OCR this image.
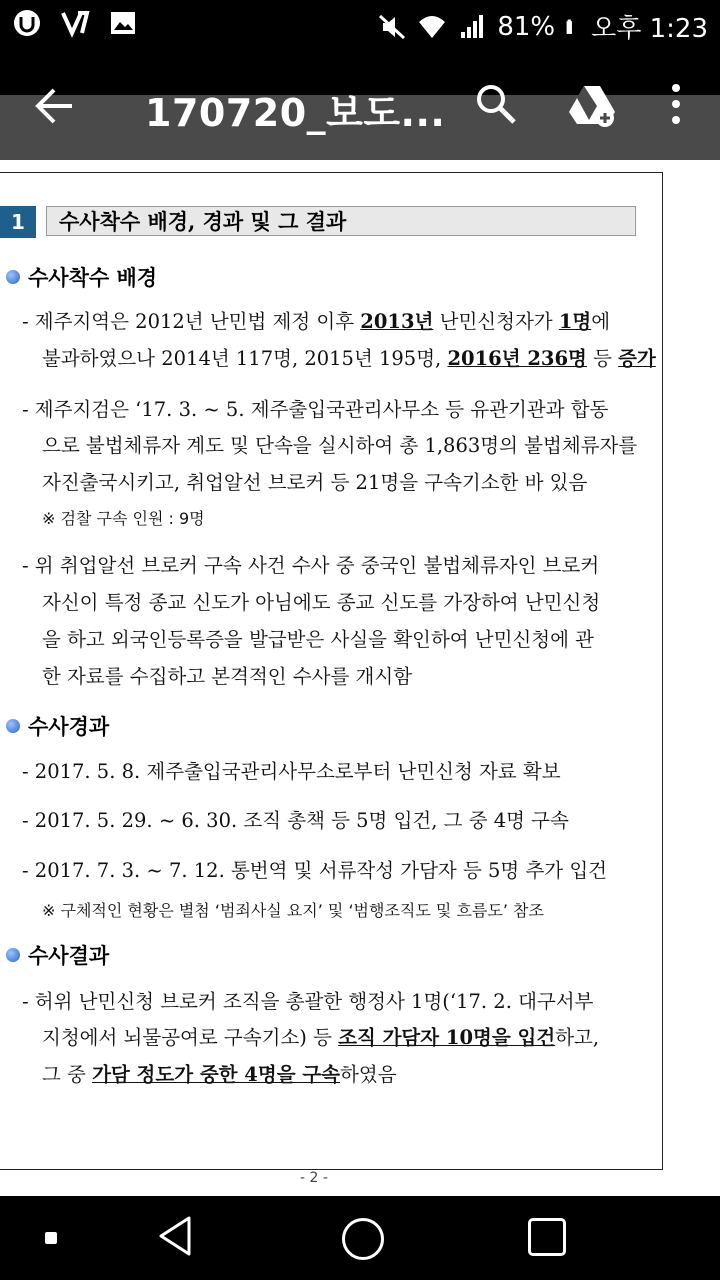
81% 오후 1:23
170720_보도...
1	수사착수 배경, 경과 및 그 결과
수사착수 배경
- 제주지역은 2012년 난민법 제정 이후 2013년 난민신청자가 1명에
불과하였으나 2014년 117명, 2015년 195명, 2016년 236명 등 증가
- 제주지검은 ‘17. 3. ~ 5. 제주출입국관리사무소 등 유관기관과 합동
으로 불법체류자 계도 및 단속을 실시하여 총 1,863명의 불법체류자를
자진출국시키고, 취업알선 브로커 등 21명을 구속기소한 바 있음
※ 검찰 구속 인원 : 9명
- 위 취업알선 브로커 구속 사건 수사 중 중국인 불법체류자인 브로커
자신이 특정 종교 신도가 아님에도 종교 신도를 가장하여 난민신청
을 하고 외국인등록증을 발급받은 사실을 확인하여 난민신청에 관
한 자료를 수집하고 본격적인 수사를 개시함
수사경과
- 2017. 5. 8. 제주출입국관리사무소로부터 난민신청 자료 확보
- 2017. 5. 29. ~ 6. 30. 조직 총책 등 5명 입건, 그 중 4명 구속
- 2017. 7. 3. ~ 7. 12. 통번역 및 서류작성 가담자 등 5명 추가 입건
※ 구체적인 현황은 별첨 ‘범죄사실 요지’ 및 ‘범행조직도 및 흐름도’ 참조
수사결과
- 허위 난민신청 브로커 조직을 총괄한 행정사 1명(‘17. 2. 대구서부
지청에서 뇌물공여로 구속기소) 등 조직 가담자 10명을 입건하고,
그 중 가담 정도가 중한 4명을 구속하였음
- 2 -
